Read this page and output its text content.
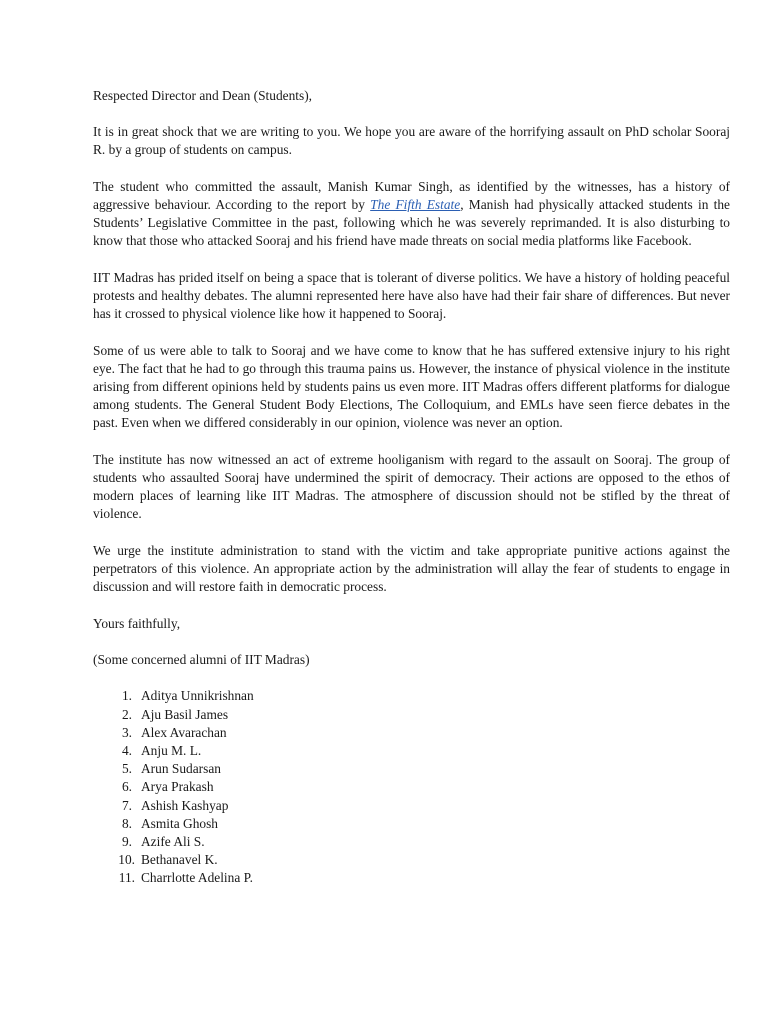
Respected Director and Dean (Students),

It is in great shock that we are writing to you. We hope you are aware of the horrifying assault on PhD scholar Sooraj R. by a group of students on campus.

The student who committed the assault, Manish Kumar Singh, as identified by the witnesses, has a history of aggressive behaviour. According to the report by The Fifth Estate, Manish had physically attacked students in the Students’ Legislative Committee in the past, following which he was severely reprimanded. It is also disturbing to know that those who attacked Sooraj and his friend have made threats on social media platforms like Facebook.

IIT Madras has prided itself on being a space that is tolerant of diverse politics. We have a history of holding peaceful protests and healthy debates. The alumni represented here have also have had their fair share of differences. But never has it crossed to physical violence like how it happened to Sooraj.

Some of us were able to talk to Sooraj and we have come to know that he has suffered extensive injury to his right eye. The fact that he had to go through this trauma pains us. However, the instance of physical violence in the institute arising from different opinions held by students pains us even more. IIT Madras offers different platforms for dialogue among students. The General Student Body Elections, The Colloquium, and EMLs have seen fierce debates in the past. Even when we differed considerably in our opinion, violence was never an option.

The institute has now witnessed an act of extreme hooliganism with regard to the assault on Sooraj. The group of students who assaulted Sooraj have undermined the spirit of democracy. Their actions are opposed to the ethos of modern places of learning like IIT Madras. The atmosphere of discussion should not be stifled by the threat of violence.

We urge the institute administration to stand with the victim and take appropriate punitive actions against the perpetrators of this violence. An appropriate action by the administration will allay the fear of students to engage in discussion and will restore faith in democratic process.

Yours faithfully,

(Some concerned alumni of IIT Madras)

1. Aditya Unnikrishnan
2. Aju Basil James
3. Alex Avarachan
4. Anju M. L.
5. Arun Sudarsan
6. Arya Prakash
7. Ashish Kashyap
8. Asmita Ghosh
9. Azife Ali S.
10. Bethanavel K.
11. Charrlotte Adelina P.
